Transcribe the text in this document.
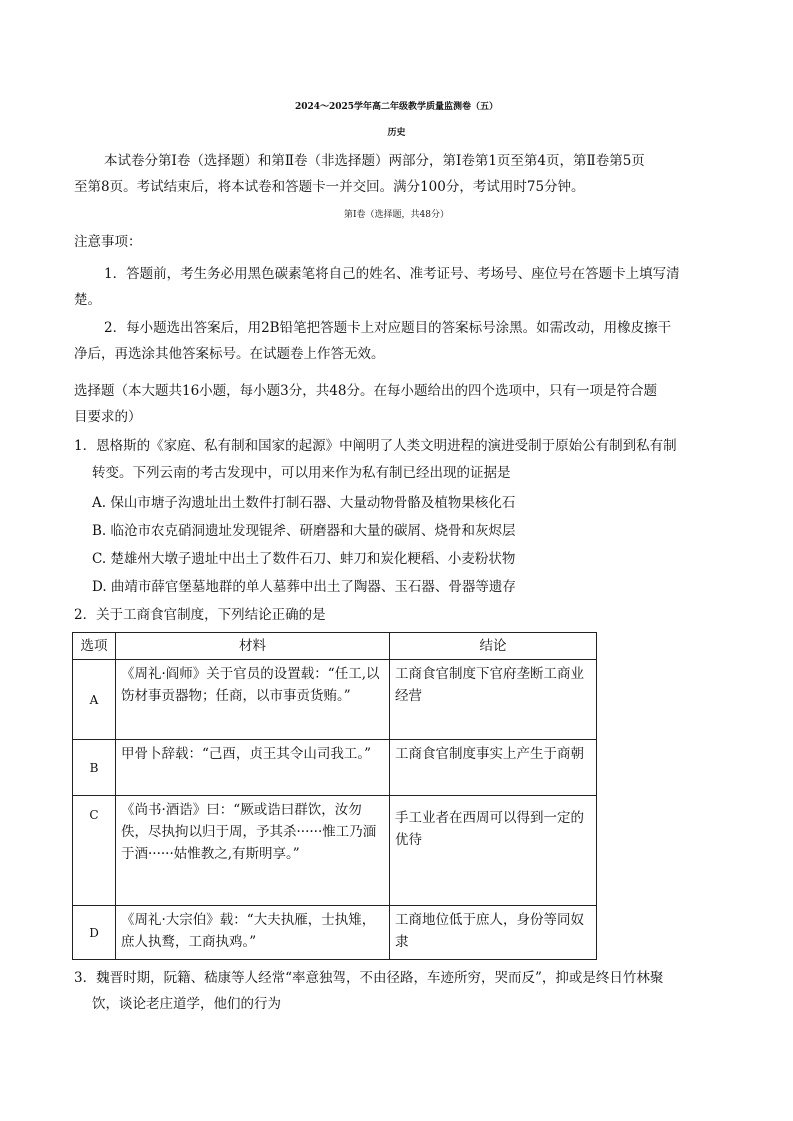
2024～2025学年高二年级教学质量监测卷（五）
历史
本试卷分第Ⅰ卷（选择题）和第Ⅱ卷（非选择题）两部分，第Ⅰ卷第1页至第4页，第Ⅱ卷第5页
至第8页。考试结束后，将本试卷和答题卡一并交回。满分100分，考试用时75分钟。
第Ⅰ卷（选择题，共48分）
注意事项：
1．答题前，考生务必用黑色碳素笔将自己的姓名、准考证号、考场号、座位号在答题卡上填写清
楚。
2．每小题选出答案后，用2B铅笔把答题卡上对应题目的答案标号涂黑。如需改动，用橡皮擦干
净后，再选涂其他答案标号。在试题卷上作答无效。
选择题（本大题共16小题，每小题3分，共48分。在每小题给出的四个选项中，只有一项是符合题
目要求的）
1．恩格斯的《家庭、私有制和国家的起源》中阐明了人类文明进程的演进受制于原始公有制到私有制
转变。下列云南的考古发现中，可以用来作为私有制已经出现的证据是
A. 保山市塘子沟遗址出土数件打制石器、大量动物骨骼及植物果核化石
B. 临沧市农克硝洞遗址发现锟斧、研磨器和大量的碳屑、烧骨和灰烬层
C. 楚雄州大墩子遗址中出土了数件石刀、蚌刀和炭化粳稻、小麦粉状物
D. 曲靖市薛官堡墓地群的单人墓葬中出土了陶器、玉石器、骨器等遗存
2．关于工商食官制度，下列结论正确的是
选项	材料	结论
A	《周礼·阎师》关于官员的设置载：“任工,以饬材事贡器物；任商，以市事贡货贿。”	工商食官制度下官府垄断工商业经营

B	甲骨卜辞载：“己酉，贞王其令山司我工。”	工商食官制度事实上产生于商朝

C	《尚书·酒诰》曰：“厥或诰曰群饮，汝勿佚，尽执拘以归于周，予其杀······惟工乃湎于酒······姑惟教之,有斯明享。”	手工业者在西周可以得到一定的优待

D	《周礼·大宗伯》载：“大夫执雁，士执雉，庶人执鹜，工商执鸡。”	工商地位低于庶人，身份等同奴隶
3．魏晋时期，阮籍、嵇康等人经常“率意独驾，不由径路，车迹所穷，哭而反”，抑或是终日竹林聚
饮，谈论老庄道学，他们的行为
